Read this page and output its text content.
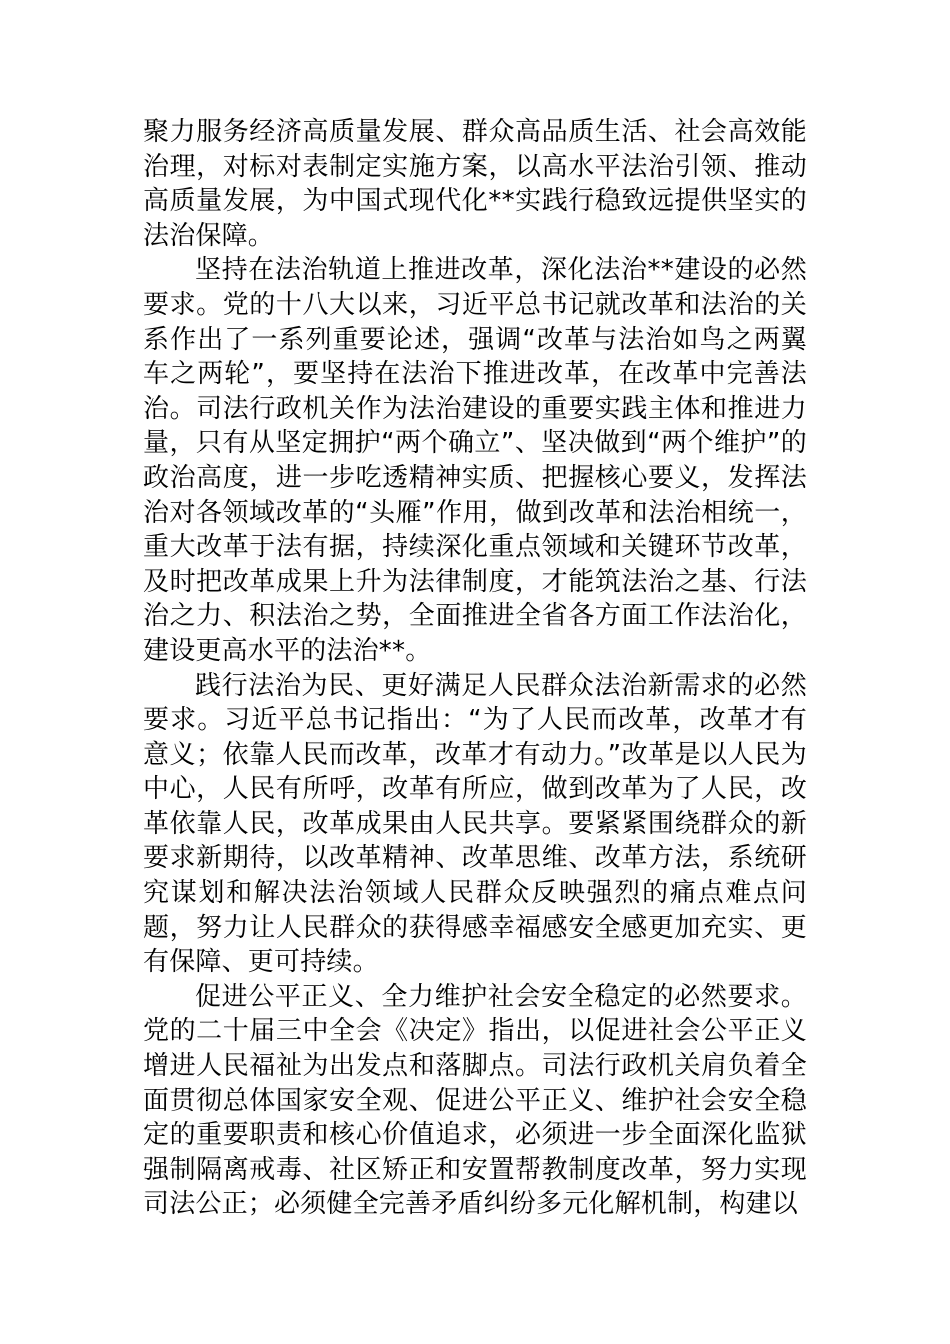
聚力服务经济高质量发展、群众高品质生活、社会高效能治理，对标对表制定实施方案，以高水平法治引领、推动高质量发展，为中国式现代化**实践行稳致远提供坚实的法治保障。

坚持在法治轨道上推进改革，深化法治**建设的必然要求。党的十八大以来，习近平总书记就改革和法治的关系作出了一系列重要论述，强调“改革与法治如鸟之两翼车之两轮”，要坚持在法治下推进改革，在改革中完善法治。司法行政机关作为法治建设的重要实践主体和推进力量，只有从坚定拥护“两个确立”、坚决做到“两个维护”的政治高度，进一步吃透精神实质、把握核心要义，发挥法治对各领域改革的“头雁”作用，做到改革和法治相统一，重大改革于法有据，持续深化重点领域和关键环节改革，及时把改革成果上升为法律制度，才能筑法治之基、行法治之力、积法治之势，全面推进全省各方面工作法治化，建设更高水平的法治**。

践行法治为民、更好满足人民群众法治新需求的必然要求。习近平总书记指出：“为了人民而改革，改革才有意义；依靠人民而改革，改革才有动力。”改革是以人民为中心，人民有所呼，改革有所应，做到改革为了人民，改革依靠人民，改革成果由人民共享。要紧紧围绕群众的新要求新期待，以改革精神、改革思维、改革方法，系统研究谋划和解决法治领域人民群众反映强烈的痛点难点问题，努力让人民群众的获得感幸福感安全感更加充实、更有保障、更可持续。

促进公平正义、全力维护社会安全稳定的必然要求。党的二十届三中全会《决定》指出，以促进社会公平正义增进人民福祉为出发点和落脚点。司法行政机关肩负着全面贯彻总体国家安全观、促进公平正义、维护社会安全稳定的重要职责和核心价值追求，必须进一步全面深化监狱强制隔离戒毒、社区矫正和安置帮教制度改革，努力实现司法公正；必须健全完善矛盾纠纷多元化解机制，构建以
